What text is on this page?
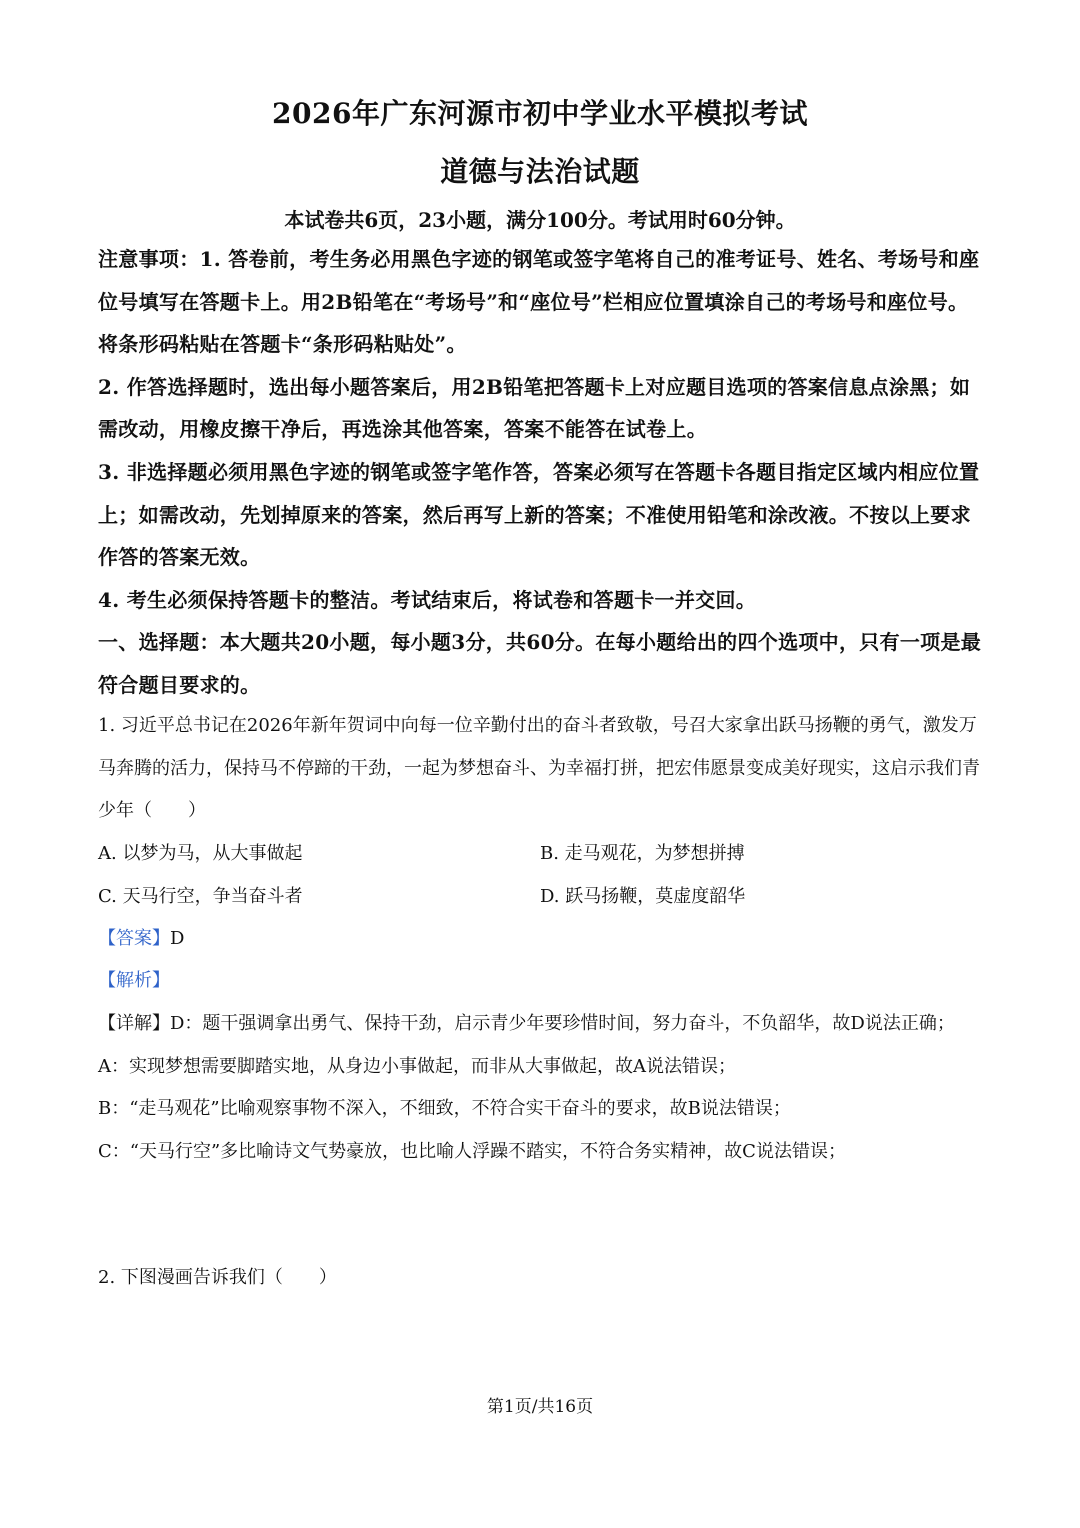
2026年广东河源市初中学业水平模拟考试
道德与法治试题
本试卷共6页，23小题，满分100分。考试用时60分钟。

注意事项：1. 答卷前，考生务必用黑色字迹的钢笔或签字笔将自己的准考证号、姓名、考场号和座位号填写在答题卡上。用2B铅笔在“考场号”和“座位号”栏相应位置填涂自己的考场号和座位号。将条形码粘贴在答题卡“条形码粘贴处”。

2. 作答选择题时，选出每小题答案后，用2B铅笔把答题卡上对应题目选项的答案信息点涂黑；如需改动，用橡皮擦干净后，再选涂其他答案，答案不能答在试卷上。

3. 非选择题必须用黑色字迹的钢笔或签字笔作答，答案必须写在答题卡各题目指定区域内相应位置上；如需改动，先划掉原来的答案，然后再写上新的答案；不准使用铅笔和涂改液。不按以上要求作答的答案无效。

4. 考生必须保持答题卡的整洁。考试结束后，将试卷和答题卡一并交回。

一、选择题：本大题共20小题，每小题3分，共60分。在每小题给出的四个选项中，只有一项是最符合题目要求的。

1. 习近平总书记在2026年新年贺词中向每一位辛勤付出的奋斗者致敬，号召大家拿出跃马扬鞭的勇气，激发万马奔腾的活力，保持马不停蹄的干劲，一起为梦想奋斗、为幸福打拼，把宏伟愿景变成美好现实，这启示我们青少年（　　）

A. 以梦为马，从大事做起	B. 走马观花，为梦想拼搏
C. 天马行空，争当奋斗者	D. 跃马扬鞭，莫虚度韶华
【答案】D
【解析】

【详解】D：题干强调拿出勇气、保持干劲，启示青少年要珍惜时间，努力奋斗，不负韶华，故D说法正确；

A：实现梦想需要脚踏实地，从身边小事做起，而非从大事做起，故A说法错误；

B：“走马观花”比喻观察事物不深入，不细致，不符合实干奋斗的要求，故B说法错误；

C：“天马行空”多比喻诗文气势豪放，也比喻人浮躁不踏实，不符合务实精神，故C说法错误；

2. 下图漫画告诉我们（　　）
第1页/共16页
